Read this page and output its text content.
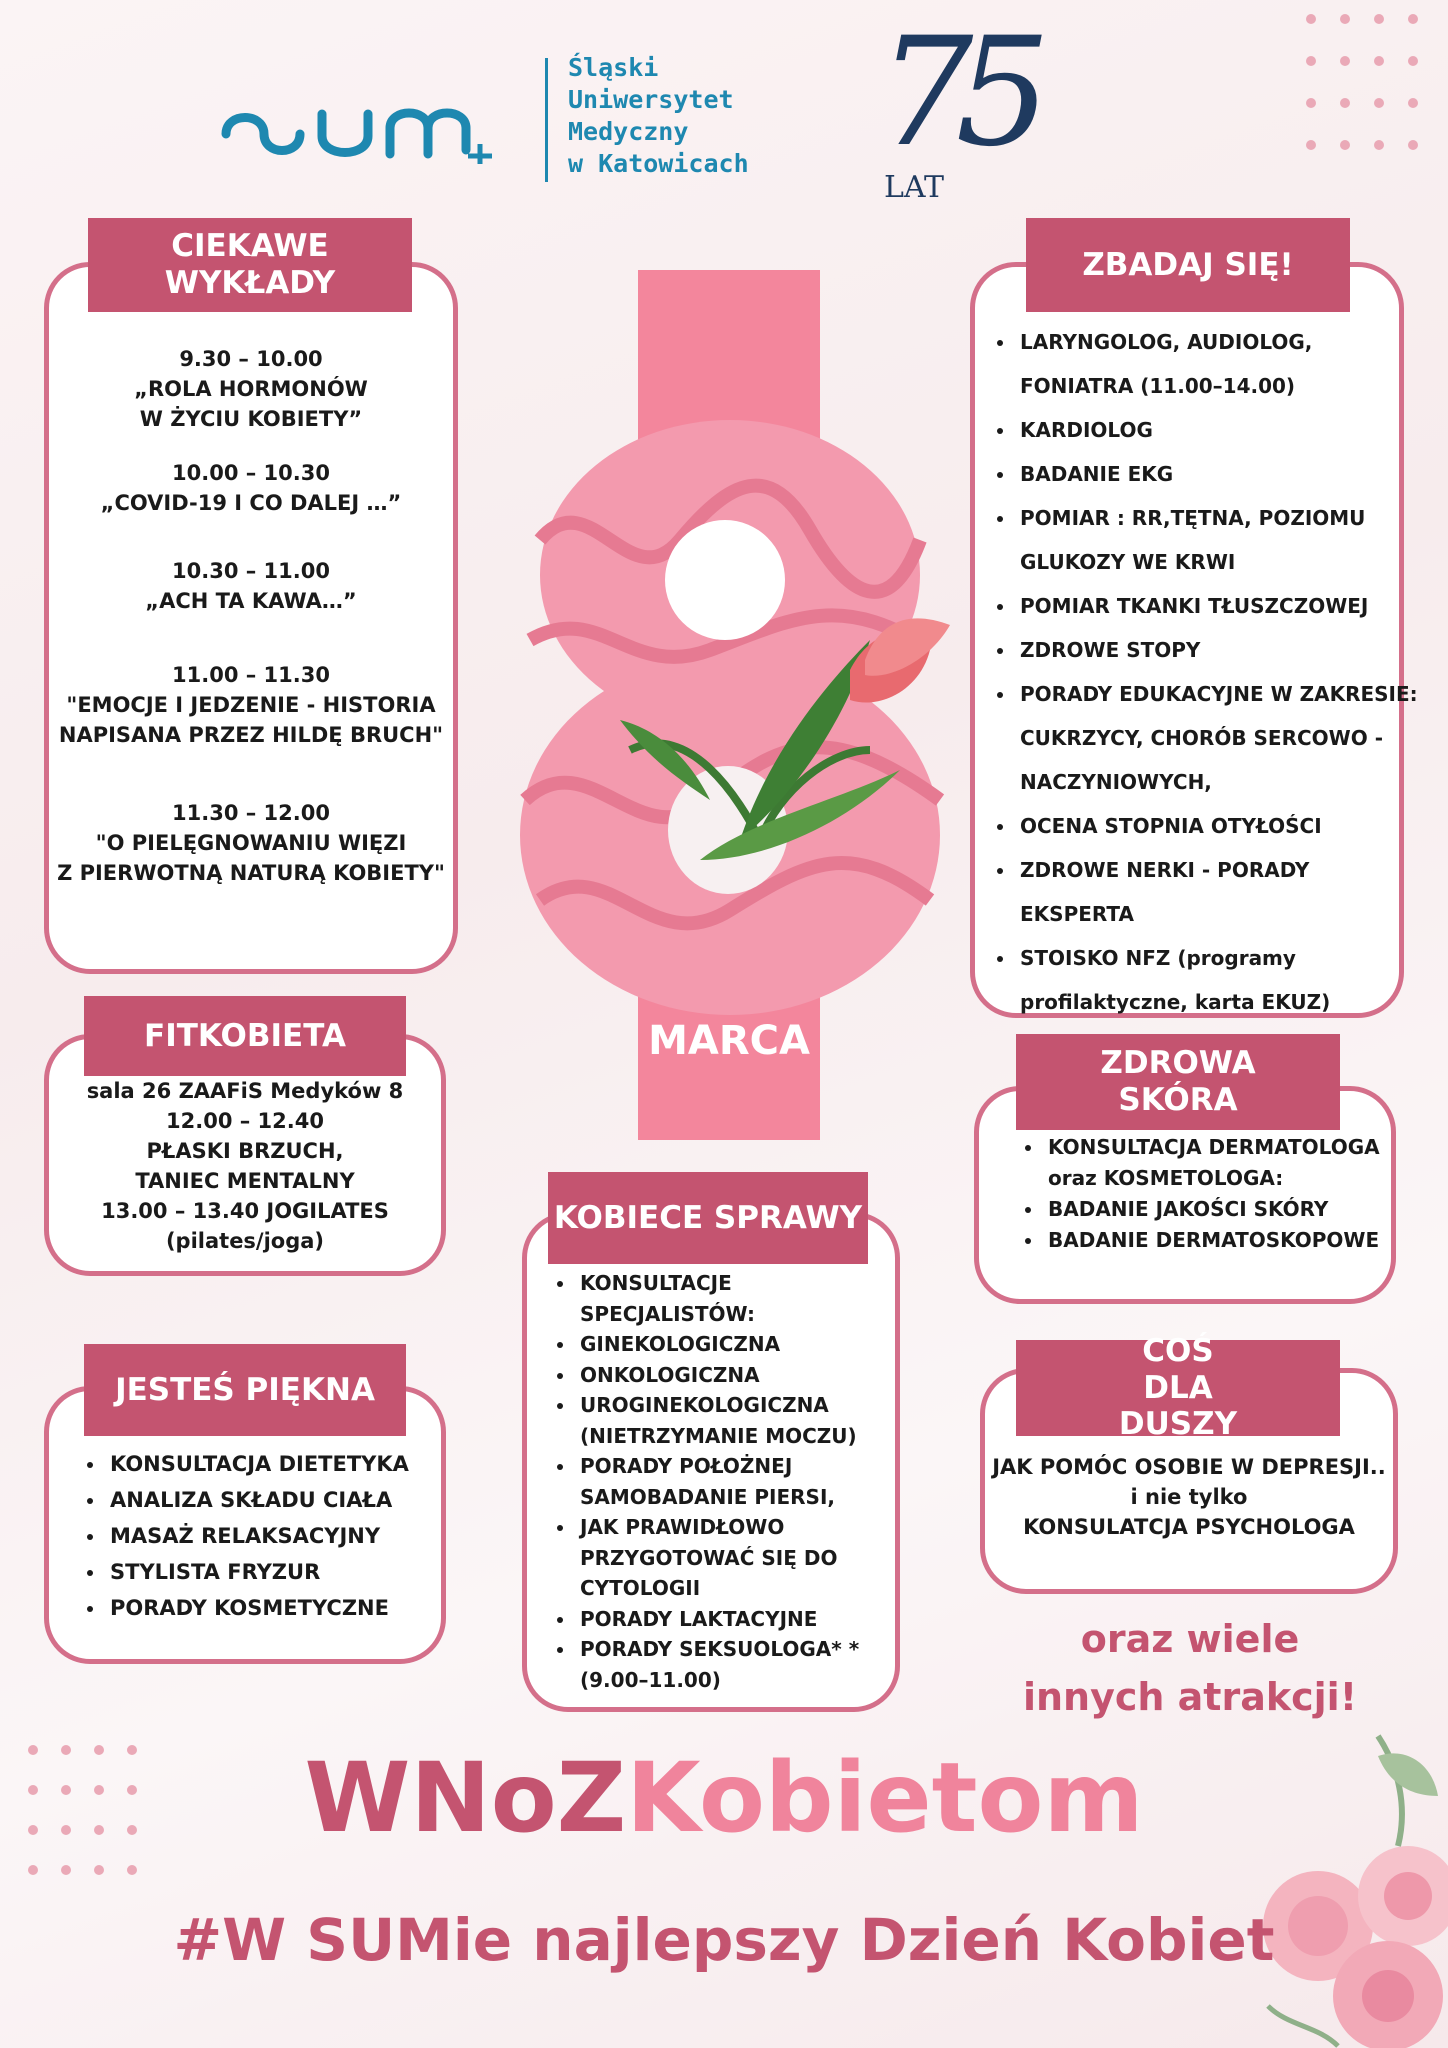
Śląski
Uniwersytet
Medyczny
w Katowicach 75
LAT
MARCA
CIEKAWE WYKŁADY
9.30 – 10.00
„ROLA HORMONÓW
W ŻYCIU KOBIETY”
10.00 – 10.30
„COVID-19 I CO DALEJ …”
10.30 – 11.00
„ACH TA KAWA…”
11.00 – 11.30
"EMOCJE I JEDZENIE - HISTORIA
NAPISANA PRZEZ HILDĘ BRUCH"
11.30 – 12.00
"O PIELĘGNOWANIU WIĘZI
Z PIERWOTNĄ NATURĄ KOBIETY"
FITKOBIETA
sala 26 ZAAFiS Medyków 8
12.00 – 12.40
PŁASKI BRZUCH,
TANIEC MENTALNY
13.00 – 13.40 JOGILATES
(pilates/joga)
JESTEŚ PIĘKNA
• KONSULTACJA DIETETYKA
• ANALIZA SKŁADU CIAŁA
• MASAŻ RELAKSACYJNY
• STYLISTA FRYZUR
• PORADY KOSMETYCZNE
KOBIECE SPRAWY
• KONSULTACJE SPECJALISTÓW:
• GINEKOLOGICZNA
• ONKOLOGICZNA
• UROGINEKOLOGICZNA (NIETRZYMANIE MOCZU)
• PORADY POŁOŻNEJ SAMOBADANIE PIERSI,
• JAK PRAWIDŁOWO PRZYGOTOWAĆ SIĘ DO CYTOLOGII
• PORADY LAKTACYJNE
• PORADY SEKSUOLOGA* *(9.00–11.00)
ZBADAJ SIĘ!
• LARYNGOLOG, AUDIOLOG, FONIATRA (11.00–14.00)
• KARDIOLOG
• BADANIE EKG
• POMIAR : RR,TĘTNA, POZIOMU GLUKOZY WE KRWI
• POMIAR TKANKI TŁUSZCZOWEJ
• ZDROWE STOPY
• PORADY EDUKACYJNE W ZAKRESIE: CUKRZYCY, CHORÓB SERCOWO - NACZYNIOWYCH,
• OCENA STOPNIA OTYŁOŚCI
• ZDROWE NERKI - PORADY EKSPERTA
• STOISKO NFZ (programy profilaktyczne, karta EKUZ)
ZDROWA SKÓRA
• KONSULTACJA DERMATOLOGA oraz KOSMETOLOGA:
• BADANIE JAKOŚCI SKÓRY
• BADANIE DERMATOSKOPOWE
COŚ DLA DUSZY
JAK POMÓC OSOBIE W DEPRESJI..
i nie tylko
KONSULATCJA PSYCHOLOGA
oraz wiele
innych atrakcji!
WNoZKobietom
#W SUMie najlepszy Dzień Kobiet
